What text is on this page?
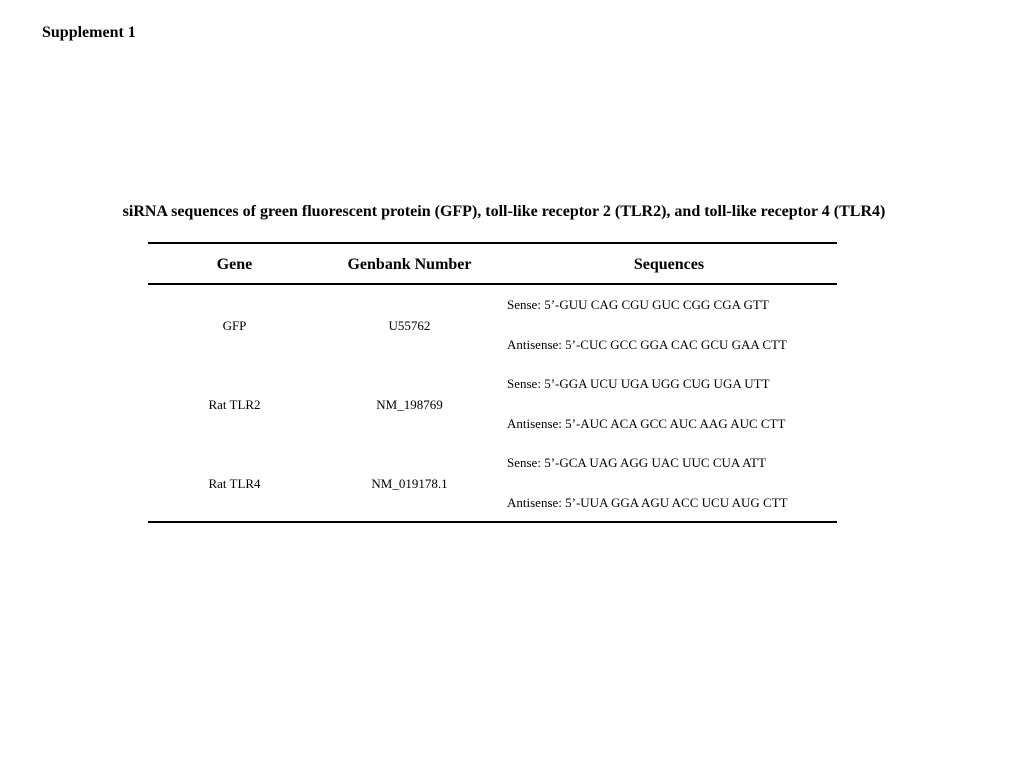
Supplement 1
siRNA sequences of green fluorescent protein (GFP), toll-like receptor 2 (TLR2), and toll-like receptor 4 (TLR4)
Gene	Genbank Number	Sequences
GFP	U55762
Sense: 5’-GUU CAG CGU GUC CGG CGA GTT
Antisense: 5’-CUC GCC GGA CAC GCU GAA CTT
Rat TLR2	NM_198769
Sense: 5’-GGA UCU UGA UGG CUG UGA UTT
Antisense: 5’-AUC ACA GCC AUC AAG AUC CTT
Rat TLR4	NM_019178.1
Sense: 5’-GCA UAG AGG UAC UUC CUA ATT
Antisense: 5’-UUA GGA AGU ACC UCU AUG CTT
